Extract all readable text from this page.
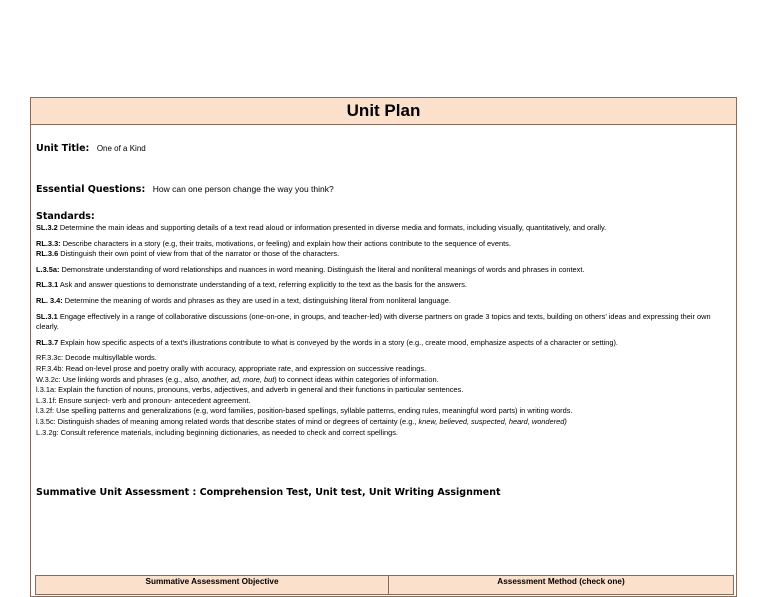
Unit Plan
Unit Title: One of a Kind
Essential Questions: How can one person change the way you think?
Standards:

SL.3.2 Determine the main ideas and supporting details of a text read aloud or information presented in diverse media and formats, including visually, quantitatively, and orally.

RL.3.3: Describe characters in a story (e.g, their traits, motivations, or feeling) and explain how their actions contribute to the sequence of events.

RL.3.6 Distinguish their own point of view from that of the narrator or those of the characters.

L.3.5a: Demonstrate understanding of word relationships and nuances in word meaning. Distinguish the literal and nonliteral meanings of words and phrases in context.

RL.3.1 Ask and answer questions to demonstrate understanding of a text, referring explicitly to the text as the basis for the answers.

RL. 3.4: Determine the meaning of words and phrases as they are used in a text, distinguishing literal from nonliteral language.

SL.3.1 Engage effectively in a range of collaborative discussions (one-on-one, in groups, and teacher-led) with diverse partners on grade 3 topics and texts, building on others’ ideas and expressing their own clearly.

RL.3.7 Explain how specific aspects of a text’s illustrations contribute to what is conveyed by the words in a story (e.g., create mood, emphasize aspects of a character or setting).

RF.3.3c: Decode multisyllable words.

RF.3.4b: Read on-level prose and poetry orally with accuracy, appropriate rate, and expression on successive readings.

W.3.2c: Use linking words and phrases (e.g., also, another, ad, more, but) to connect ideas within categories of information.

l.3.1a: Explain the function of nouns, pronouns, verbs, adjectives, and adverb in general and their functions in particular sentences.

L.3.1f: Ensure sunject- verb and pronoun- antecedent agreement.

l.3.2f: Use spelling patterns and generalizations (e.g, word families, position-based spellings, syllable patterns, ending rules, meaningful word parts) in writing words.

l.3.5c: Distinguish shades of meaning among related words that describe states of mind or degrees of certainty (e.g., knew, believed, suspected, heard, wondered)

L.3.2g: Consult reference materials, including beginning dictionaries, as needed to check and correct spellings.

Summative Unit Assessment : Comprehension Test, Unit test, Unit Writing Assignment
Summative Assessment Objective	Assessment Method (check one)
